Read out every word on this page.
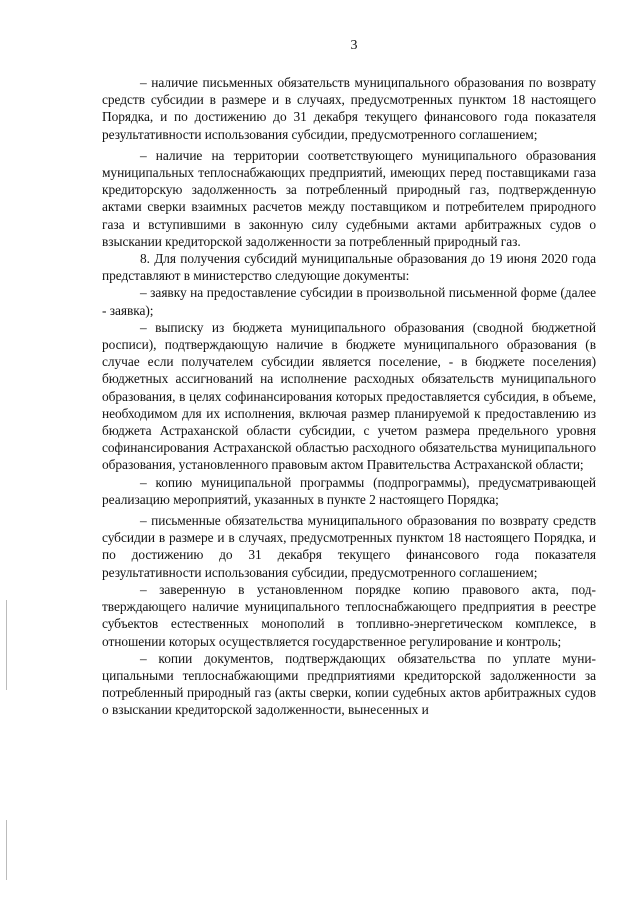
3

– наличие письменных обязательств муниципального образования по возврату средств субсидии в размере и в случаях, предусмотренных пунктом 18 настоящего Порядка, и по достижению до 31 декабря текущего финансового года показателя результативности использования субсидии, предусмотренного соглашением;

– наличие на территории соответствующего муниципального образования муниципальных теплоснабжающих предприятий, имеющих перед поставщиками газа кредиторскую задолженность за потребленный природный газ, подтвержденную актами сверки взаимных расчетов между поставщиком и потребителем природного газа и вступившими в законную силу судебными актами арбитражных судов о взыскании кредиторской задолженности за потребленный природный газ.

8. Для получения субсидий муниципальные образования до 19 июня 2020 года представляют в министерство следующие документы:

– заявку на предоставление субсидии в произвольной письменной форме (далее - заявка);

– выписку из бюджета муниципального образования (сводной бюджетной росписи), подтверждающую наличие в бюджете муниципального образования (в случае если получателем субсидии является поселение, - в бюджете поселения) бюджетных ассигнований на исполнение расходных обязательств муниципального образования, в целях софинансирования которых предоставляется субсидия, в объеме, необходимом для их исполнения, включая размер планируемой к предоставлению из бюджета Астраханской области субсидии, с учетом размера предельного уровня софинансирования Астраханской областью расходного обязательства муниципального образования, установленного правовым актом Правительства Астраханской области;

– копию муниципальной программы (подпрограммы), предусматривающей реализацию мероприятий, указанных в пункте 2 настоящего Порядка;

– письменные обязательства муниципального образования по возврату средств субсидии в размере и в случаях, предусмотренных пунктом 18 настоящего Порядка, и по достижению до 31 декабря текущего финансового года показателя результативности использования субсидии, предусмотренного соглашением;

– заверенную в установленном порядке копию правового акта, подтверждающего наличие муниципального теплоснабжающего предприятия в реестре субъектов естественных монополий в топливно-энергетическом комплексе, в отношении которых осуществляется государственное регулирование и контроль;

– копии документов, подтверждающих обязательства по уплате муниципальными теплоснабжающими предприятиями кредиторской задолженности за потребленный природный газ (акты сверки, копии судебных актов арбитражных судов о взыскании кредиторской задолженности, вынесенных и
